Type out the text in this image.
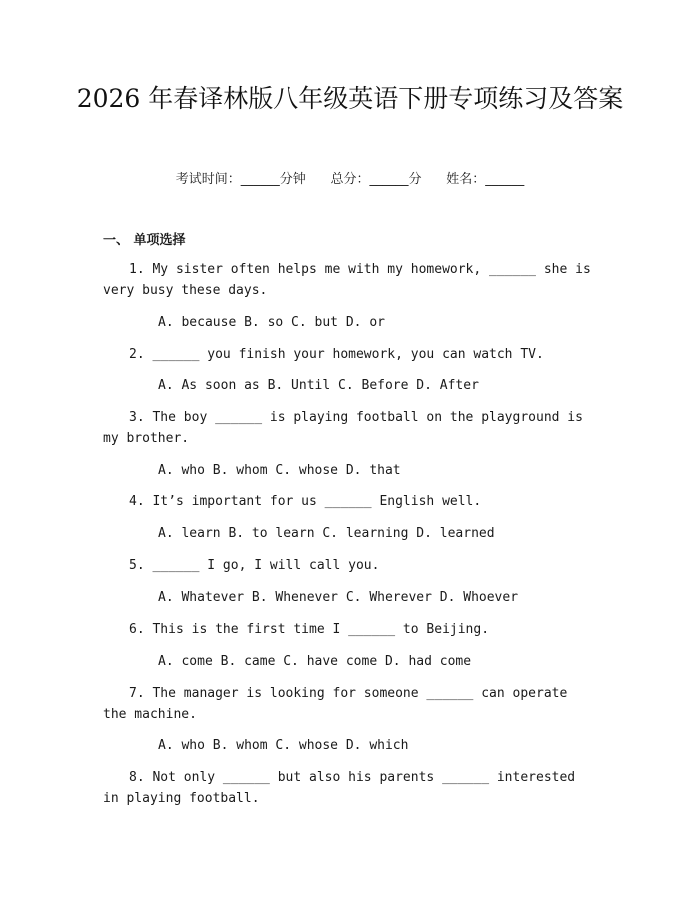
2026 年春译林版八年级英语下册专项练习及答案
考试时间：______分钟      总分：______分      姓名：______
一、 单项选择
1. My sister often helps me with my homework, ______ she is very busy these days.
A. because B. so C. but D. or
2. ______ you finish your homework, you can watch TV.
A. As soon as B. Until C. Before D. After
3. The boy ______ is playing football on the playground is my brother.
A. who B. whom C. whose D. that
4. It’s important for us ______ English well.
A. learn B. to learn C. learning D. learned
5. ______ I go, I will call you.
A. Whatever B. Whenever C. Wherever D. Whoever
6. This is the first time I ______ to Beijing.
A. come B. came C. have come D. had come
7. The manager is looking for someone ______ can operate the machine.
A. who B. whom C. whose D. which
8. Not only ______ but also his parents ______ interested in playing football.
